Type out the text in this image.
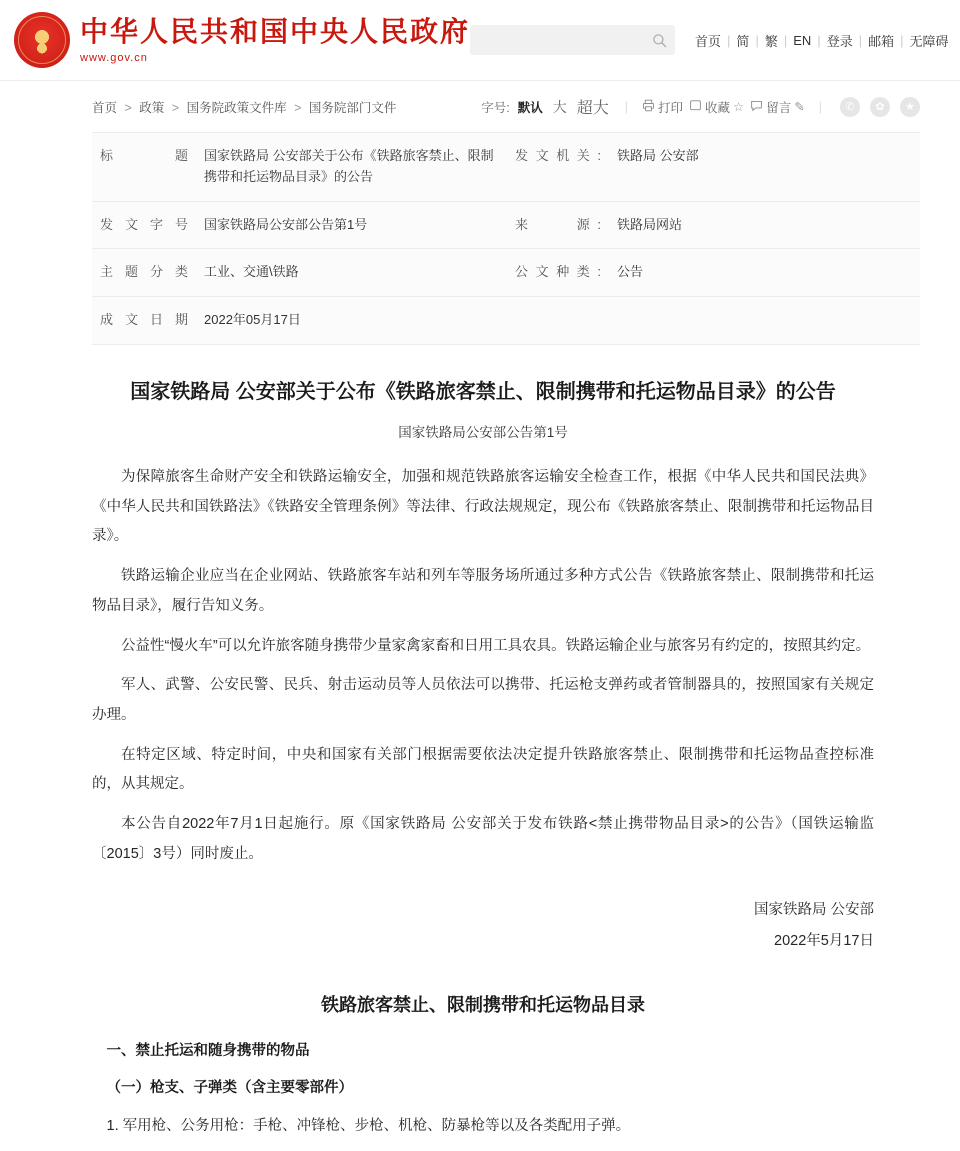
中华人民共和国中央人民政府
www.gov.cn
首页 | 简 | 繁 | EN | 登录 | 邮箱 | 无障碍
首页 > 政策 > 国务院政策文件库 > 国务院部门文件	字号: 默认 大 超大 | 打印 收藏 ☆ 留言 ✎ |	✆	✿	★
标　　题	国家铁路局 公安部关于公布《铁路旅客禁止、限制携带和托运物品目录》的公告	发文机关:	铁路局 公安部
发文字号	国家铁路局公安部公告第1号	来　　源:	铁路局网站
主题分类	工业、交通\铁路	公文种类:	公告
成文日期	2022年05月17日		
国家铁路局 公安部关于公布《铁路旅客禁止、限制携带和托运物品目录》的公告
国家铁路局公安部公告第1号

为保障旅客生命财产安全和铁路运输安全，加强和规范铁路旅客运输安全检查工作，根据《中华人民共和国民法典》《中华人民共和国铁路法》《铁路安全管理条例》等法律、行政法规规定，现公布《铁路旅客禁止、限制携带和托运物品目录》。

铁路运输企业应当在企业网站、铁路旅客车站和列车等服务场所通过多种方式公告《铁路旅客禁止、限制携带和托运物品目录》，履行告知义务。

公益性“慢火车”可以允许旅客随身携带少量家禽家畜和日用工具农具。铁路运输企业与旅客另有约定的，按照其约定。

军人、武警、公安民警、民兵、射击运动员等人员依法可以携带、托运枪支弹药或者管制器具的，按照国家有关规定办理。

在特定区域、特定时间，中央和国家有关部门根据需要依法决定提升铁路旅客禁止、限制携带和托运物品查控标准的，从其规定。

本公告自2022年7月1日起施行。原《国家铁路局 公安部关于发布铁路<禁止携带物品目录>的公告》（国铁运输监〔2015〕3号）同时废止。

国家铁路局 公安部
2022年5月17日
铁路旅客禁止、限制携带和托运物品目录
一、禁止托运和随身携带的物品
（一）枪支、子弹类（含主要零部件）

1. 军用枪、公务用枪：手枪、冲锋枪、步枪、机枪、防暴枪等以及各类配用子弹。
